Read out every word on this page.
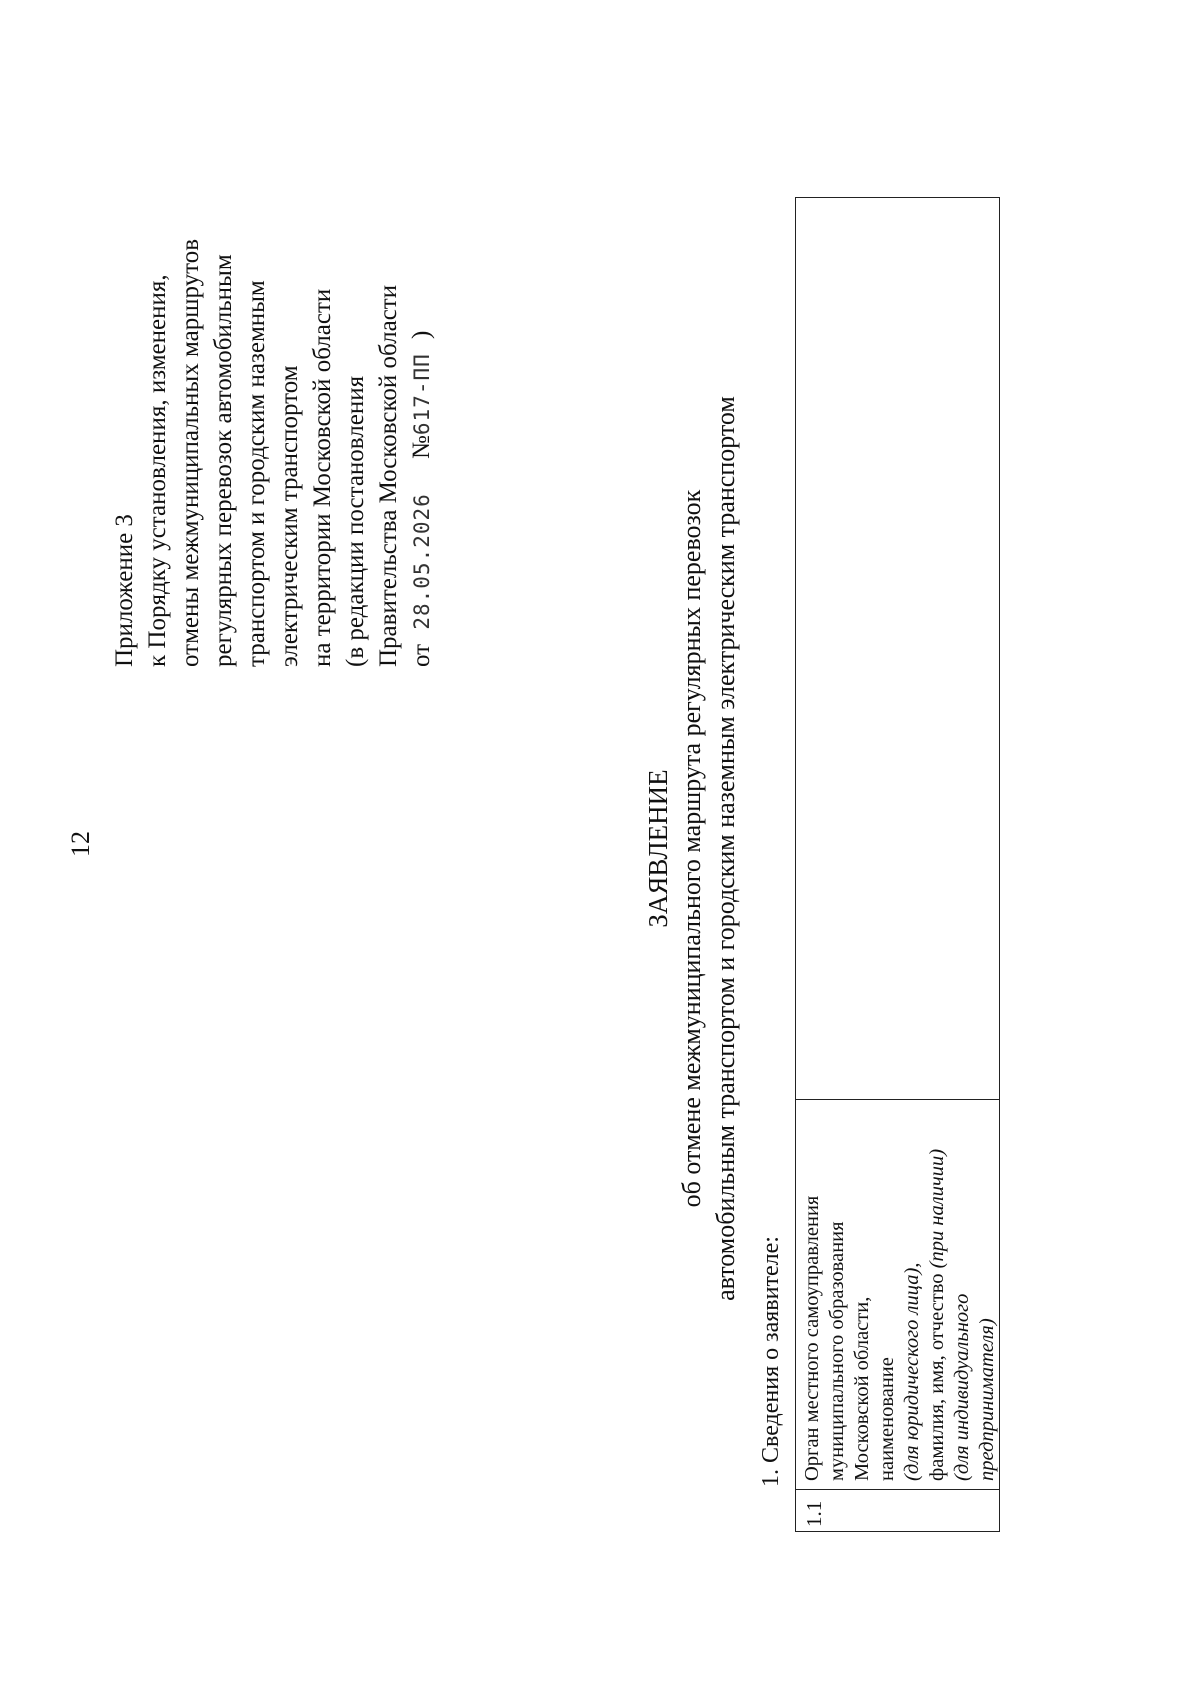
12
Приложение 3 к Порядку установления, изменения, отмены межмуниципальных маршрутов регулярных перевозок автомобильным транспортом и городским наземным электрическим транспортом на территории Московской области (в редакции постановления Правительства Московской области от 28.05.2026 №617-ПП )
ЗАЯВЛЕНИЕ об отмене межмуниципального маршрута регулярных перевозок автомобильным транспортом и городским наземным электрическим транспортом
1. Сведения о заявителе:
1.1
Орган местного самоуправления муниципального образования Московской области, наименование (для юридического лица), фамилия, имя, отчество (при наличии)
(для индивидуального предпринимателя)
